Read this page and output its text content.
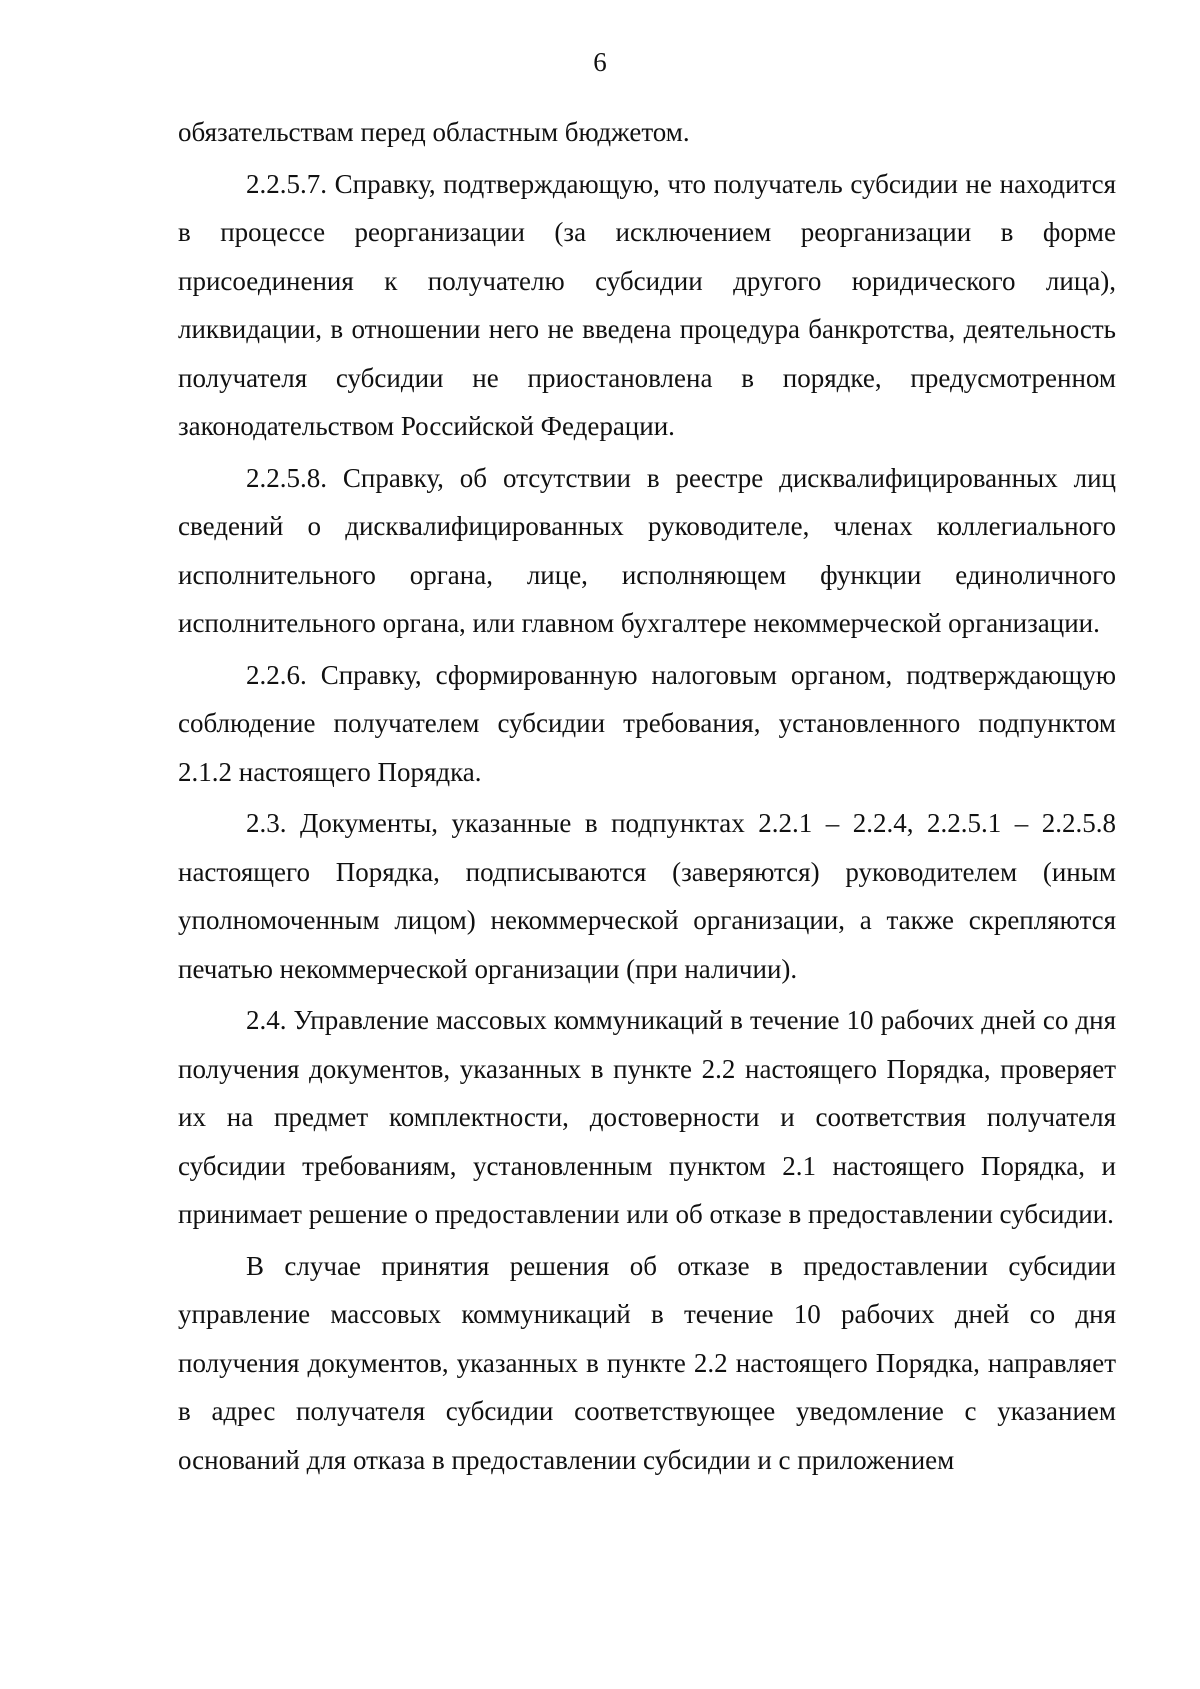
6

обязательствам перед областным бюджетом.

2.2.5.7. Справку, подтверждающую, что получатель субсидии не находится в процессе реорганизации (за исключением реорганизации в форме присоединения к получателю субсидии другого юридического лица), ликвидации, в отношении него не введена процедура банкротства, деятельность получателя субсидии не приостановлена в порядке, предусмотренном законодательством Российской Федерации.

2.2.5.8. Справку, об отсутствии в реестре дисквалифицированных лиц сведений о дисквалифицированных руководителе, членах коллегиального исполнительного органа, лице, исполняющем функции единоличного исполнительного органа, или главном бухгалтере некоммерческой организации.

2.2.6. Справку, сформированную налоговым органом, подтверждающую соблюдение получателем субсидии требования, установленного подпунктом 2.1.2 настоящего Порядка.

2.3. Документы, указанные в подпунктах 2.2.1 – 2.2.4, 2.2.5.1 – 2.2.5.8 настоящего Порядка, подписываются (заверяются) руководителем (иным уполномоченным лицом) некоммерческой организации, а также скрепляются печатью некоммерческой организации (при наличии).

2.4. Управление массовых коммуникаций в течение 10 рабочих дней со дня получения документов, указанных в пункте 2.2 настоящего Порядка, проверяет их на предмет комплектности, достоверности и соответствия получателя субсидии требованиям, установленным пунктом 2.1 настоящего Порядка, и принимает решение о предоставлении или об отказе в предоставлении субсидии.

В случае принятия решения об отказе в предоставлении субсидии управление массовых коммуникаций в течение 10 рабочих дней со дня получения документов, указанных в пункте 2.2 настоящего Порядка, направляет в адрес получателя субсидии соответствующее уведомление с указанием оснований для отказа в предоставлении субсидии и с приложением
